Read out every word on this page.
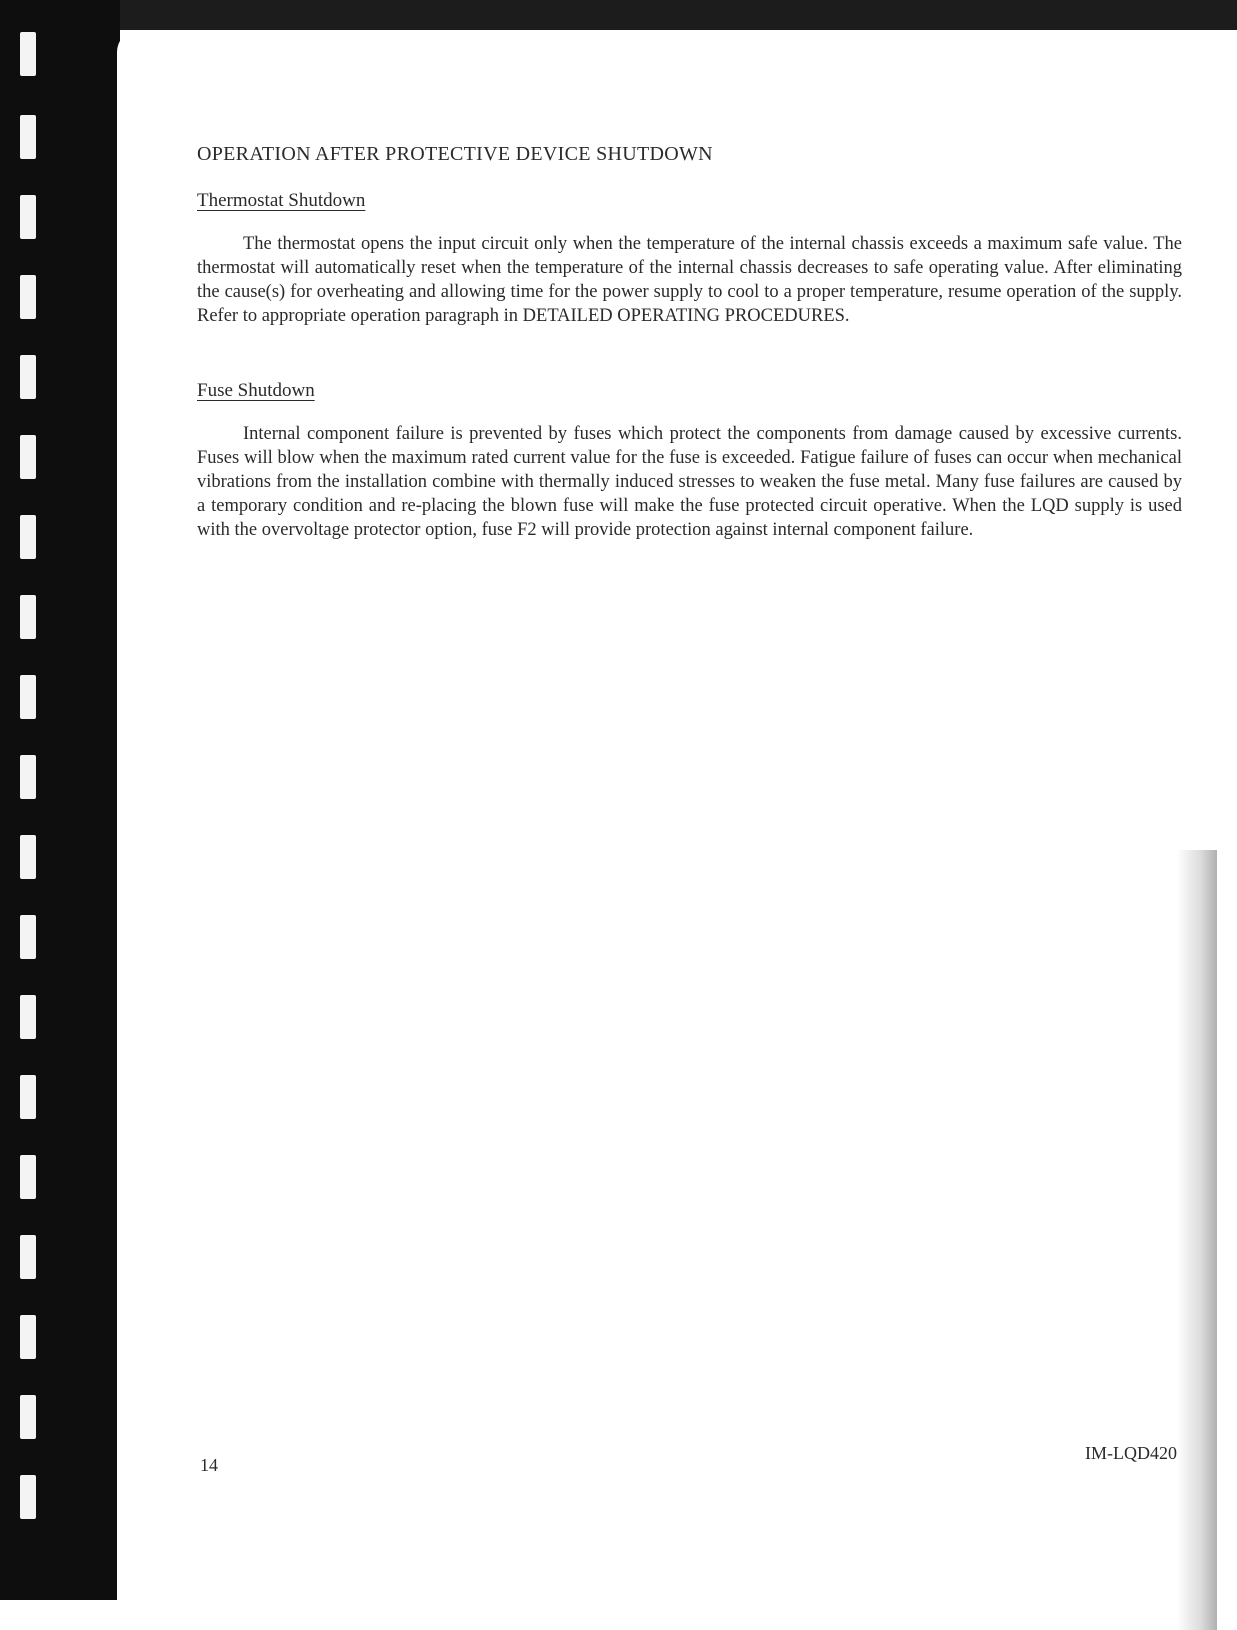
OPERATION AFTER PROTECTIVE DEVICE SHUTDOWN
Thermostat Shutdown

The thermostat opens the input circuit only when the temperature of the internal chassis exceeds a maximum safe value. The thermostat will automatically reset when the temperature of the internal chassis decreases to safe operating value. After eliminating the cause(s) for overheating and allowing time for the power supply to cool to a proper temperature, resume operation of the supply. Refer to appropriate operation paragraph in DETAILED OPERATING PROCEDURES.

Fuse Shutdown

Internal component failure is prevented by fuses which protect the components from damage caused by excessive currents. Fuses will blow when the maximum rated current value for the fuse is exceeded. Fatigue failure of fuses can occur when mechanical vibrations from the installation combine with thermally induced stresses to weaken the fuse metal. Many fuse failures are caused by a temporary condition and re-placing the blown fuse will make the fuse protected circuit operative. When the LQD supply is used with the overvoltage protector option, fuse F2 will provide protection against internal component failure.

14
IM-LQD420
